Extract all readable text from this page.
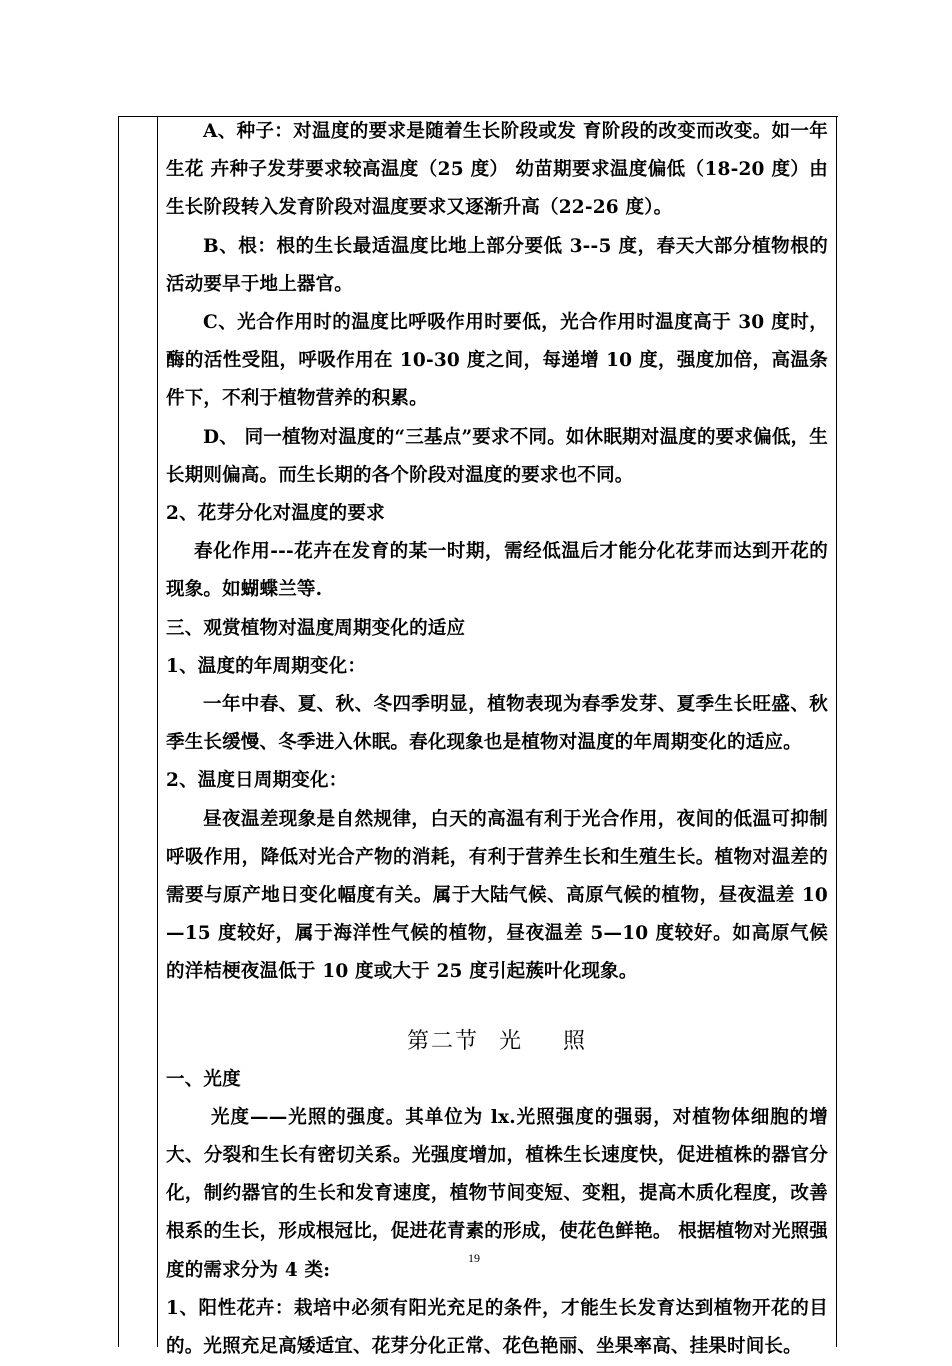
A、种子：对温度的要求是随着生长阶段或发 育阶段的改变而改变。如一年生花 卉种子发芽要求较高温度（25 度） 幼苗期要求温度偏低（18-20 度）由生长阶段转入发育阶段对温度要求又逐渐升高（22-26 度）。

B、根：根的生长最适温度比地上部分要低 3--5 度，春天大部分植物根的活动要早于地上器官。

C、光合作用时的温度比呼吸作用时要低，光合作用时温度高于 30 度时，酶的活性受阻，呼吸作用在 10-30 度之间，每递增 10 度，强度加倍，高温条件下，不利于植物营养的积累。

D、 同一植物对温度的“三基点”要求不同。如休眠期对温度的要求偏低，生长期则偏高。而生长期的各个阶段对温度的要求也不同。

2、花芽分化对温度的要求

春化作用---花卉在发育的某一时期，需经低温后才能分化花芽而达到开花的现象。如蝴蝶兰等.

三、观赏植物对温度周期变化的适应

1、温度的年周期变化：

一年中春、夏、秋、冬四季明显，植物表现为春季发芽、夏季生长旺盛、秋季生长缓慢、冬季进入休眠。春化现象也是植物对温度的年周期变化的适应。

2、温度日周期变化：

昼夜温差现象是自然规律，白天的高温有利于光合作用，夜间的低温可抑制呼吸作用，降低对光合产物的消耗，有利于营养生长和生殖生长。植物对温差的需要与原产地日变化幅度有关。属于大陆气候、高原气候的植物，昼夜温差 10—15 度较好，属于海洋性气候的植物，昼夜温差 5—10 度较好。如高原气候的洋桔梗夜温低于 10 度或大于 25 度引起蔟叶化现象。

第二节 光 照

一、光度

光度——光照的强度。其单位为 lx.光照强度的强弱，对植物体细胞的增大、分裂和生长有密切关系。光强度增加，植株生长速度快，促进植株的器官分化，制约器官的生长和发育速度，植物节间变短、变粗，提高木质化程度，改善根系的生长，形成根冠比，促进花青素的形成，使花色鲜艳。 根据植物对光照强度的需求分为 4 类:

1、阳性花卉：栽培中必须有阳光充足的条件，才能生长发育达到植物开花的目的。光照充足高矮适宜、花芽分化正常、花色艳丽、坐果率高、挂果时间长。

19
